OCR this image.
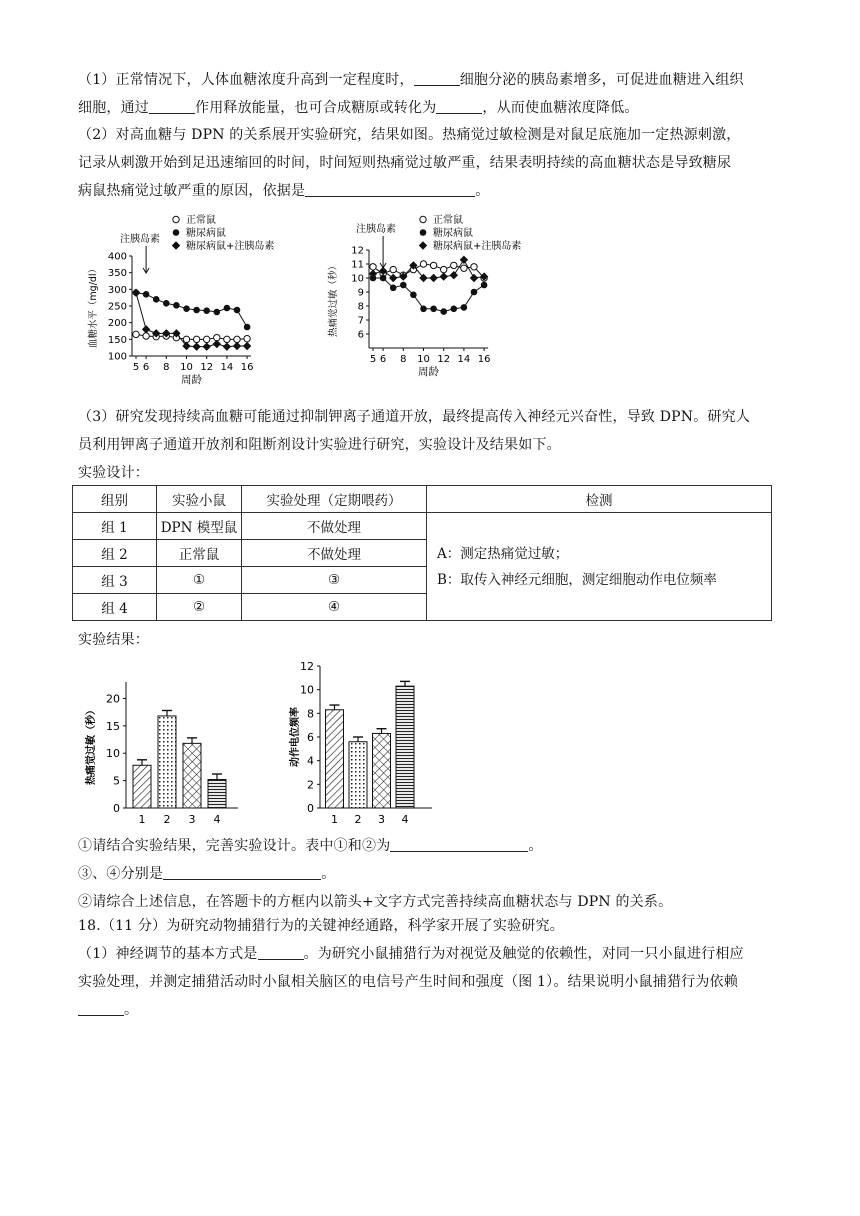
（1）正常情况下，人体血糖浓度升高到一定程度时，	细胞分泌的胰岛素增多，可促进血糖进入组织
细胞，通过	作用释放能量，也可合成糖原或转化为	，从而使血糖浓度降低。
（2）对高血糖与 DPN 的关系展开实验研究，结果如图。热痛觉过敏检测是对鼠足底施加一定热源刺激，
记录从刺激开始到足迅速缩回的时间，时间短则热痛觉过敏严重，结果表明持续的高血糖状态是导致糖尿
病鼠热痛觉过敏严重的原因，依据是	。
100
150
200
250
300
350
400
5 6 8 10 12 14 16
周龄
血糖水平（mg/dl）
注胰岛素
正常鼠
糖尿病鼠
糖尿病鼠+注胰岛素
6
7
8
9
10
11
12
5 6 8 10 12 14 16
周龄
热痛觉过敏（秒）
注胰岛素
正常鼠
糖尿病鼠
糖尿病鼠+注胰岛素
（3）研究发现持续高血糖可能通过抑制钾离子通道开放，最终提高传入神经元兴奋性，导致 DPN。研究人
员利用钾离子通道开放剂和阻断剂设计实验进行研究，实验设计及结果如下。
实验设计：
组别	实验小鼠	实验处理（定期喂药）	检测
组 1	DPN 模型鼠	不做处理	A：测定热痛觉过敏；
B：取传入神经元细胞，测定细胞动作电位频率

组 2	正常鼠	不做处理	
组 3	①	③	
组 4	②	④	
实验结果：
0
5
10
15
20
热痛觉过敏（秒）
1 2 3 4
0
2
4
6
8
10
12
动作电位频率
1 2 3 4
①请结合实验结果，完善实验设计。表中①和②为	。
③、④分别是	。
②请综合上述信息，在答题卡的方框内以箭头+文字方式完善持续高血糖状态与 DPN 的关系。
18.（11 分）为研究动物捕猎行为的关键神经通路，科学家开展了实验研究。
（1）神经调节的基本方式是	。为研究小鼠捕猎行为对视觉及触觉的依赖性，对同一只小鼠进行相应
实验处理，并测定捕猎活动时小鼠相关脑区的电信号产生时间和强度（图 1）。结果说明小鼠捕猎行为依赖
。
